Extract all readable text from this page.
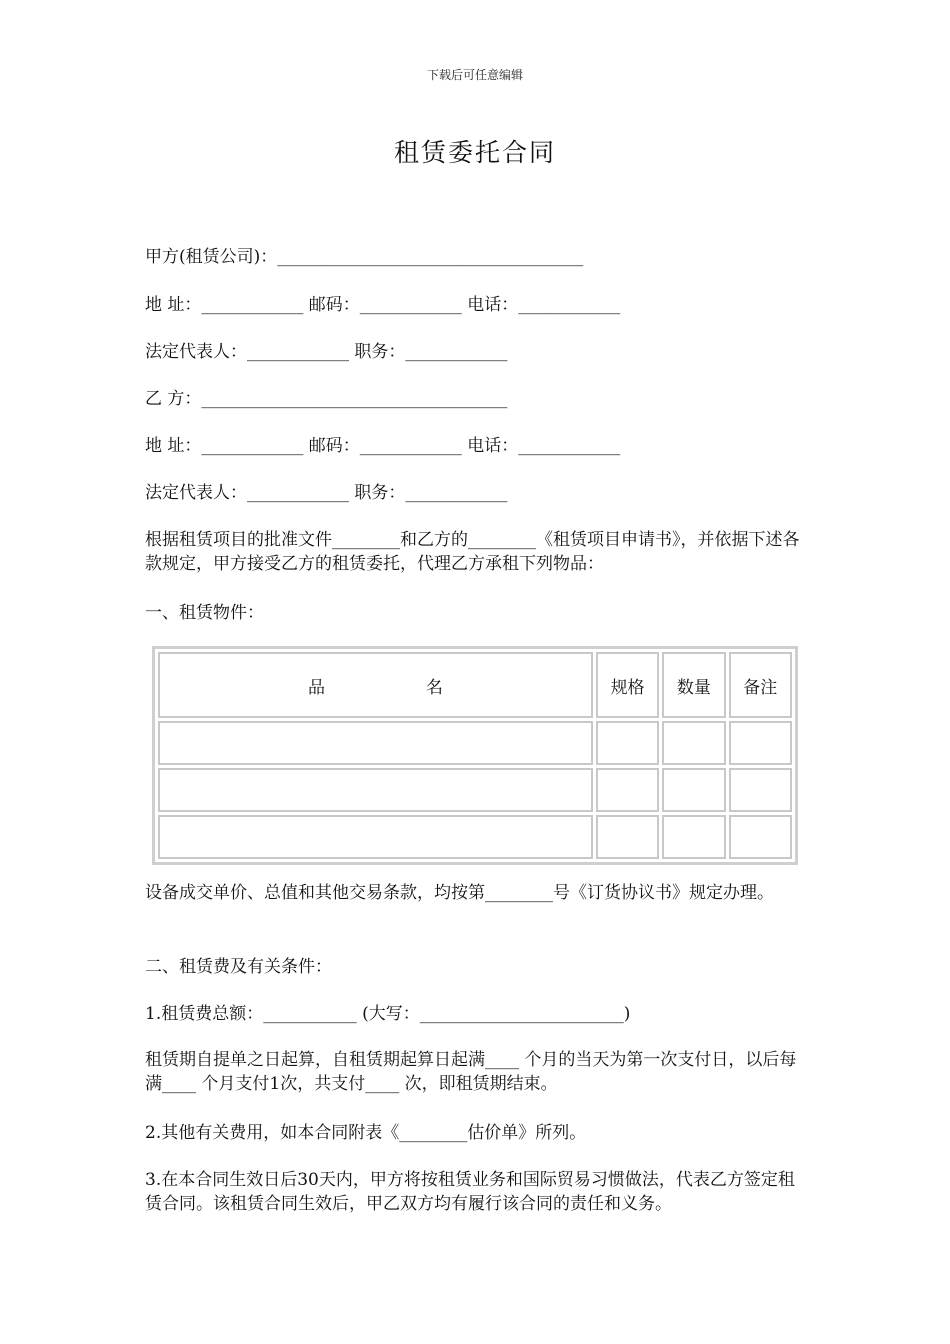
下载后可任意编辑
租赁委托合同
甲方(租赁公司)：____________________________________
地 址：____________ 邮码：____________ 电话：____________
法定代表人：____________ 职务：____________
乙 方：____________________________________
地 址：____________ 邮码：____________ 电话：____________
法定代表人：____________ 职务：____________
根据租赁项目的批准文件________和乙方的________《租赁项目申请书》，并依据下述各款规定，甲方接受乙方的租赁委托，代理乙方承租下列物品：
一、租赁物件：
设备成交单价、总值和其他交易条款，均按第________号《订货协议书》规定办理。
二、租赁费及有关条件：
1.租赁费总额：___________ (大写：________________________)
租赁期自提单之日起算，自租赁期起算日起满____ 个月的当天为第一次支付日，以后每满____ 个月支付1次，共支付____ 次，即租赁期结束。
2.其他有关费用，如本合同附表《________估价单》所列。
3.在本合同生效日后30天内，甲方将按租赁业务和国际贸易习惯做法，代表乙方签定租赁合同。该租赁合同生效后，甲乙双方均有履行该合同的责任和义务。
品 名	规格	数量	备注
